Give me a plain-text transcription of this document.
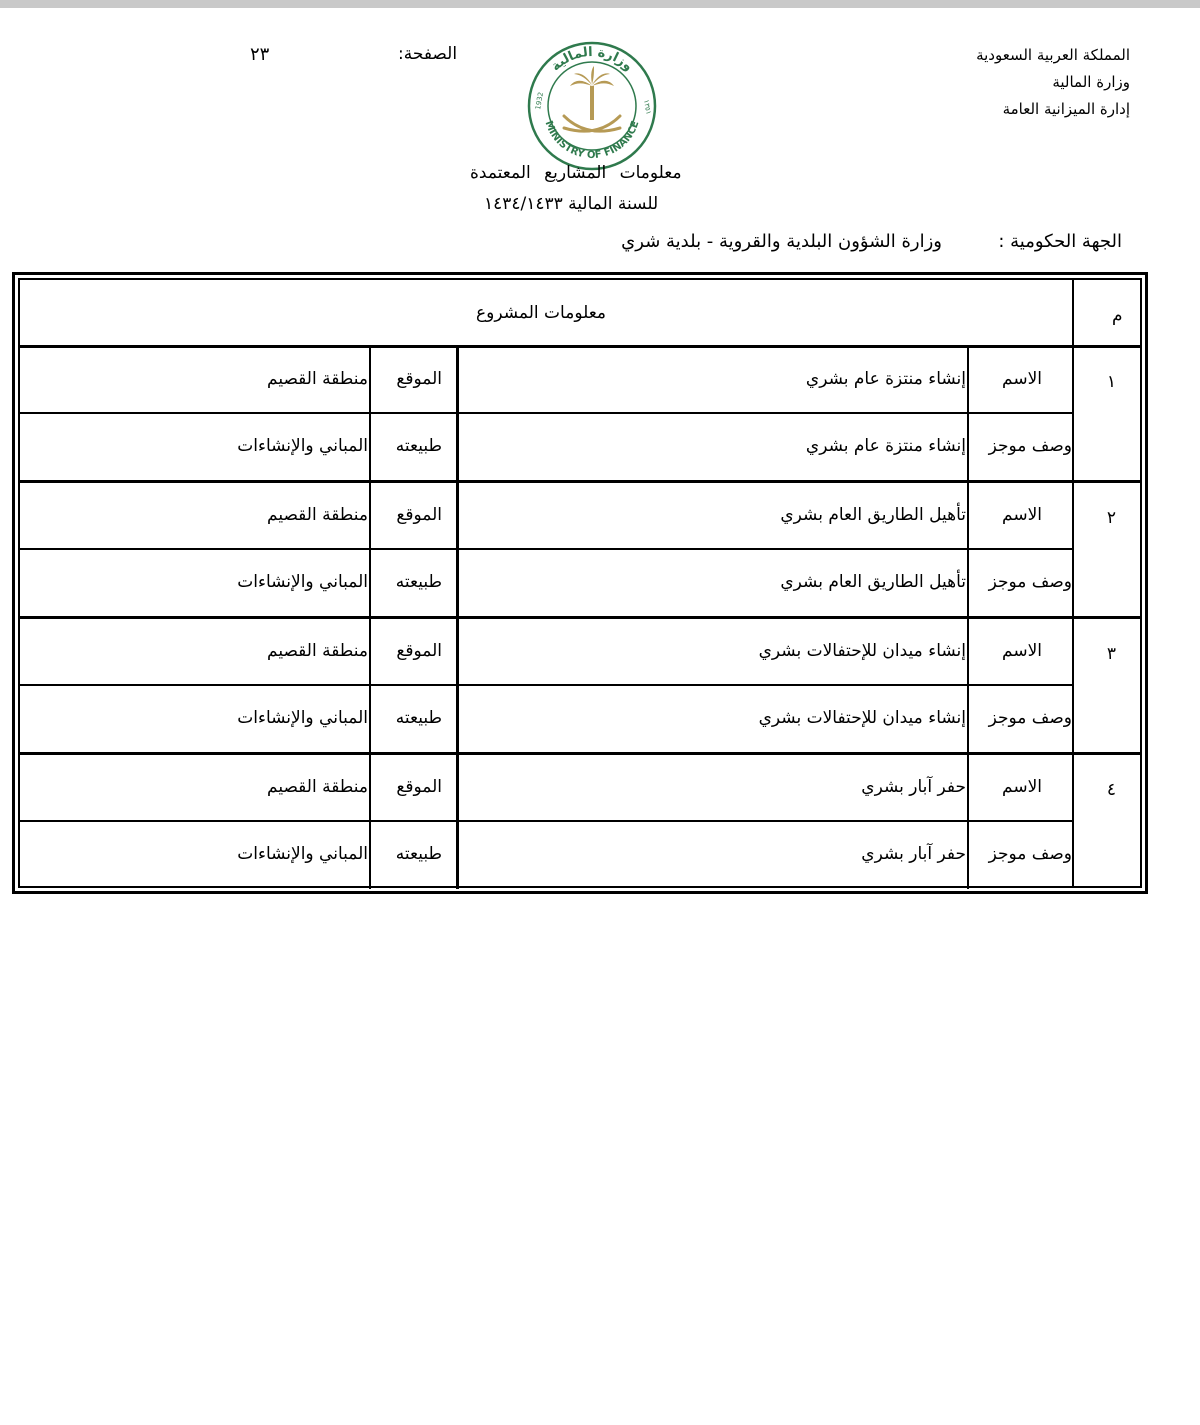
المملكة العربية السعودية
وزارة المالية
إدارة الميزانية العامة
الصفحة:
٢٣
وزارة المالية
MINISTRY OF FINANCE
1932	١٣٥١
معلومات المشاريع المعتمدة
للسنة المالية ١٤٣٤/١٤٣٣
الجهة الحكومية :
وزارة الشؤون البلدية والقروية - بلدية شري
معلومات المشروع	م
١
الاسم
إنشاء منتزة عام بشري
الموقع
منطقة القصيم
وصف موجز
إنشاء منتزة عام بشري
طبيعته
المباني والإنشاءات
٢
الاسم
تأهيل الطاريق العام بشري
الموقع
منطقة القصيم
وصف موجز
تأهيل الطاريق العام بشري
طبيعته
المباني والإنشاءات
٣
الاسم
إنشاء ميدان للإحتفالات بشري
الموقع
منطقة القصيم
وصف موجز
إنشاء ميدان للإحتفالات بشري
طبيعته
المباني والإنشاءات
٤
الاسم
حفر آبار بشري
الموقع
منطقة القصيم
وصف موجز
حفر آبار بشري
طبيعته
المباني والإنشاءات
